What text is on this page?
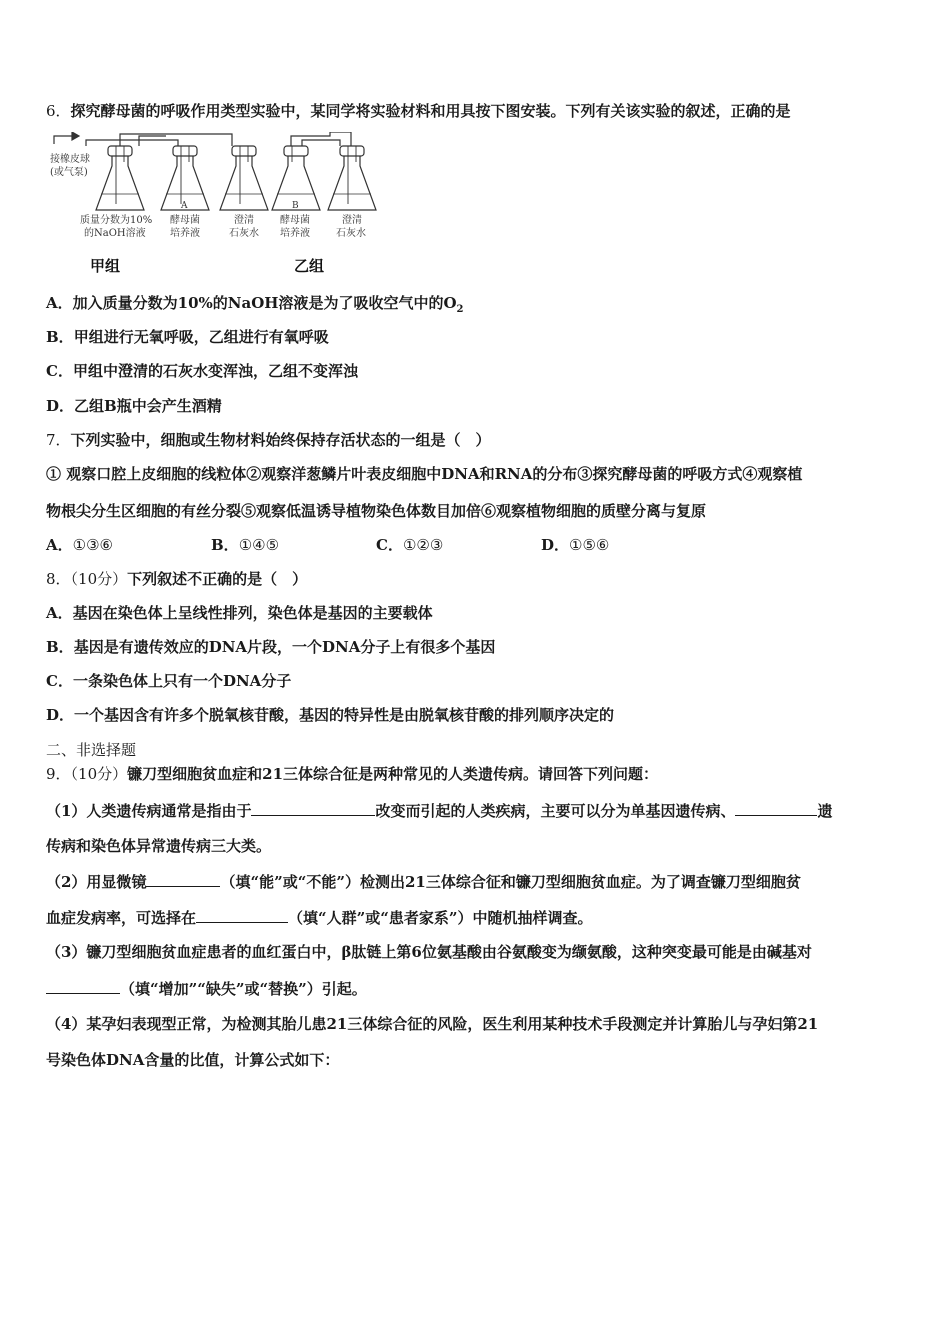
6．探究酵母菌的呼吸作用类型实验中，某同学将实验材料和用具按下图安装。下列有关该实验的叙述，正确的是
接橡皮球
(或气泵)
质量分数为10%
的NaOH溶液
A
酵母菌
培养液
澄清
石灰水
B
酵母菌
培养液
澄清
石灰水
甲组	乙组
A．加入质量分数为10%的NaOH溶液是为了吸收空气中的$O_2$
B．甲组进行无氧呼吸，乙组进行有氧呼吸
C．甲组中澄清的石灰水变浑浊，乙组不变浑浊
D．乙组B瓶中会产生酒精
7．下列实验中，细胞或生物材料始终保持存活状态的一组是（　）
① 观察口腔上皮细胞的线粒体②观察洋葱鳞片叶表皮细胞中DNA和RNA的分布③探究酵母菌的呼吸方式④观察植
物根尖分生区细胞的有丝分裂⑤观察低温诱导植物染色体数目加倍⑥观察植物细胞的质壁分离与复原
A．①③⑥	B．①④⑤	C．①②③	D．①⑤⑥
8．（10分）下列叙述不正确的是（　）
A．基因在染色体上呈线性排列，染色体是基因的主要载体
B．基因是有遗传效应的DNA片段，一个DNA分子上有很多个基因
C．一条染色体上只有一个DNA分子
D．一个基因含有许多个脱氧核苷酸，基因的特异性是由脱氧核苷酸的排列顺序决定的
二、非选择题
9．（10分）镰刀型细胞贫血症和21三体综合征是两种常见的人类遗传病。请回答下列问题：
（1）人类遗传病通常是指由于	改变而引起的人类疾病，主要可以分为单基因遗传病、	遗
传病和染色体异常遗传病三大类。
（2）用显微镜	（填“能”或“不能”）检测出21三体综合征和镰刀型细胞贫血症。为了调查镰刀型细胞贫
血症发病率，可选择在	（填“人群”或“患者家系”）中随机抽样调查。
（3）镰刀型细胞贫血症患者的血红蛋白中，β肽链上第6位氨基酸由谷氨酸变为缬氨酸，这种突变最可能是由碱基对
（填“增加”“缺失”或“替换”）引起。
（4）某孕妇表现型正常，为检测其胎儿患21三体综合征的风险，医生利用某种技术手段测定并计算胎儿与孕妇第21
号染色体DNA含量的比值，计算公式如下：
